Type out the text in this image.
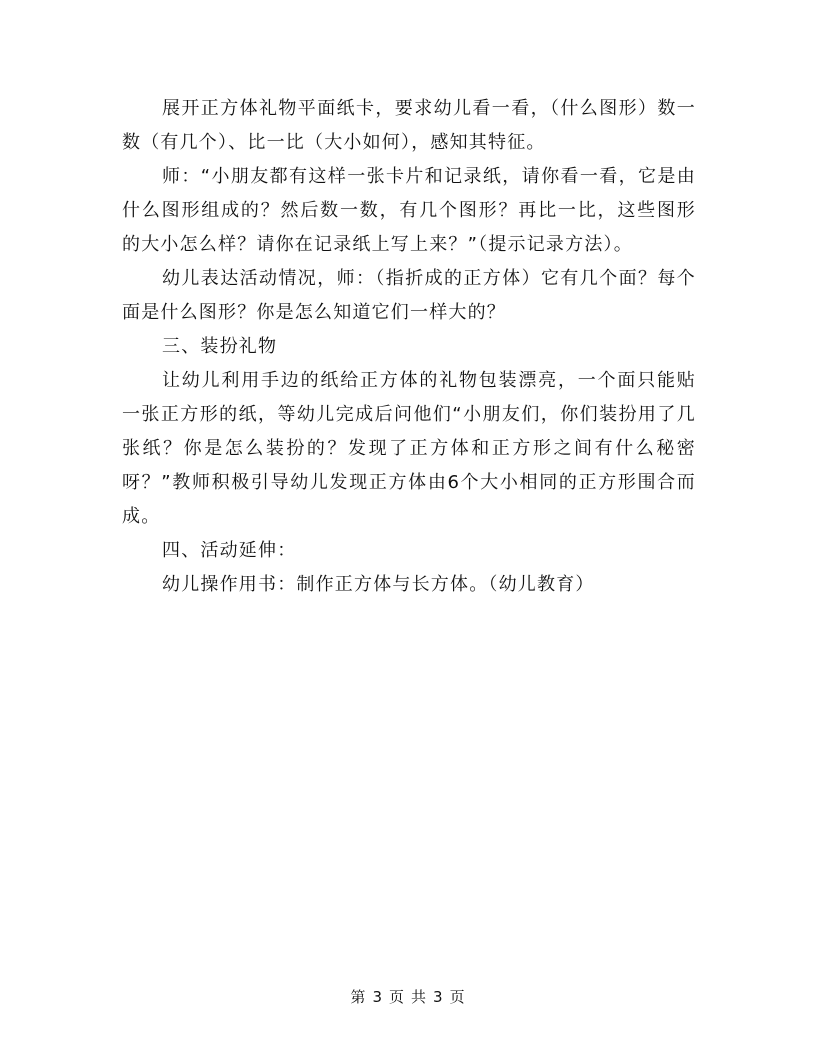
展开正方体礼物平面纸卡，要求幼儿看一看，（什么图形）数一数（有几个）、比一比（大小如何），感知其特征。

师：“小朋友都有这样一张卡片和记录纸，请你看一看，它是由什么图形组成的？然后数一数，有几个图形？再比一比，这些图形的大小怎么样？请你在记录纸上写上来？”（提示记录方法）。

幼儿表达活动情况，师：（指折成的正方体）它有几个面？每个面是什么图形？你是怎么知道它们一样大的？

三、装扮礼物

让幼儿利用手边的纸给正方体的礼物包装漂亮，一个面只能贴一张正方形的纸，等幼儿完成后问他们“小朋友们，你们装扮用了几张纸？你是怎么装扮的？发现了正方体和正方形之间有什么秘密呀？”教师积极引导幼儿发现正方体由6个大小相同的正方形围合而成。

四、活动延伸：

幼儿操作用书：制作正方体与长方体。（幼儿教育）

第 3 页 共 3 页
